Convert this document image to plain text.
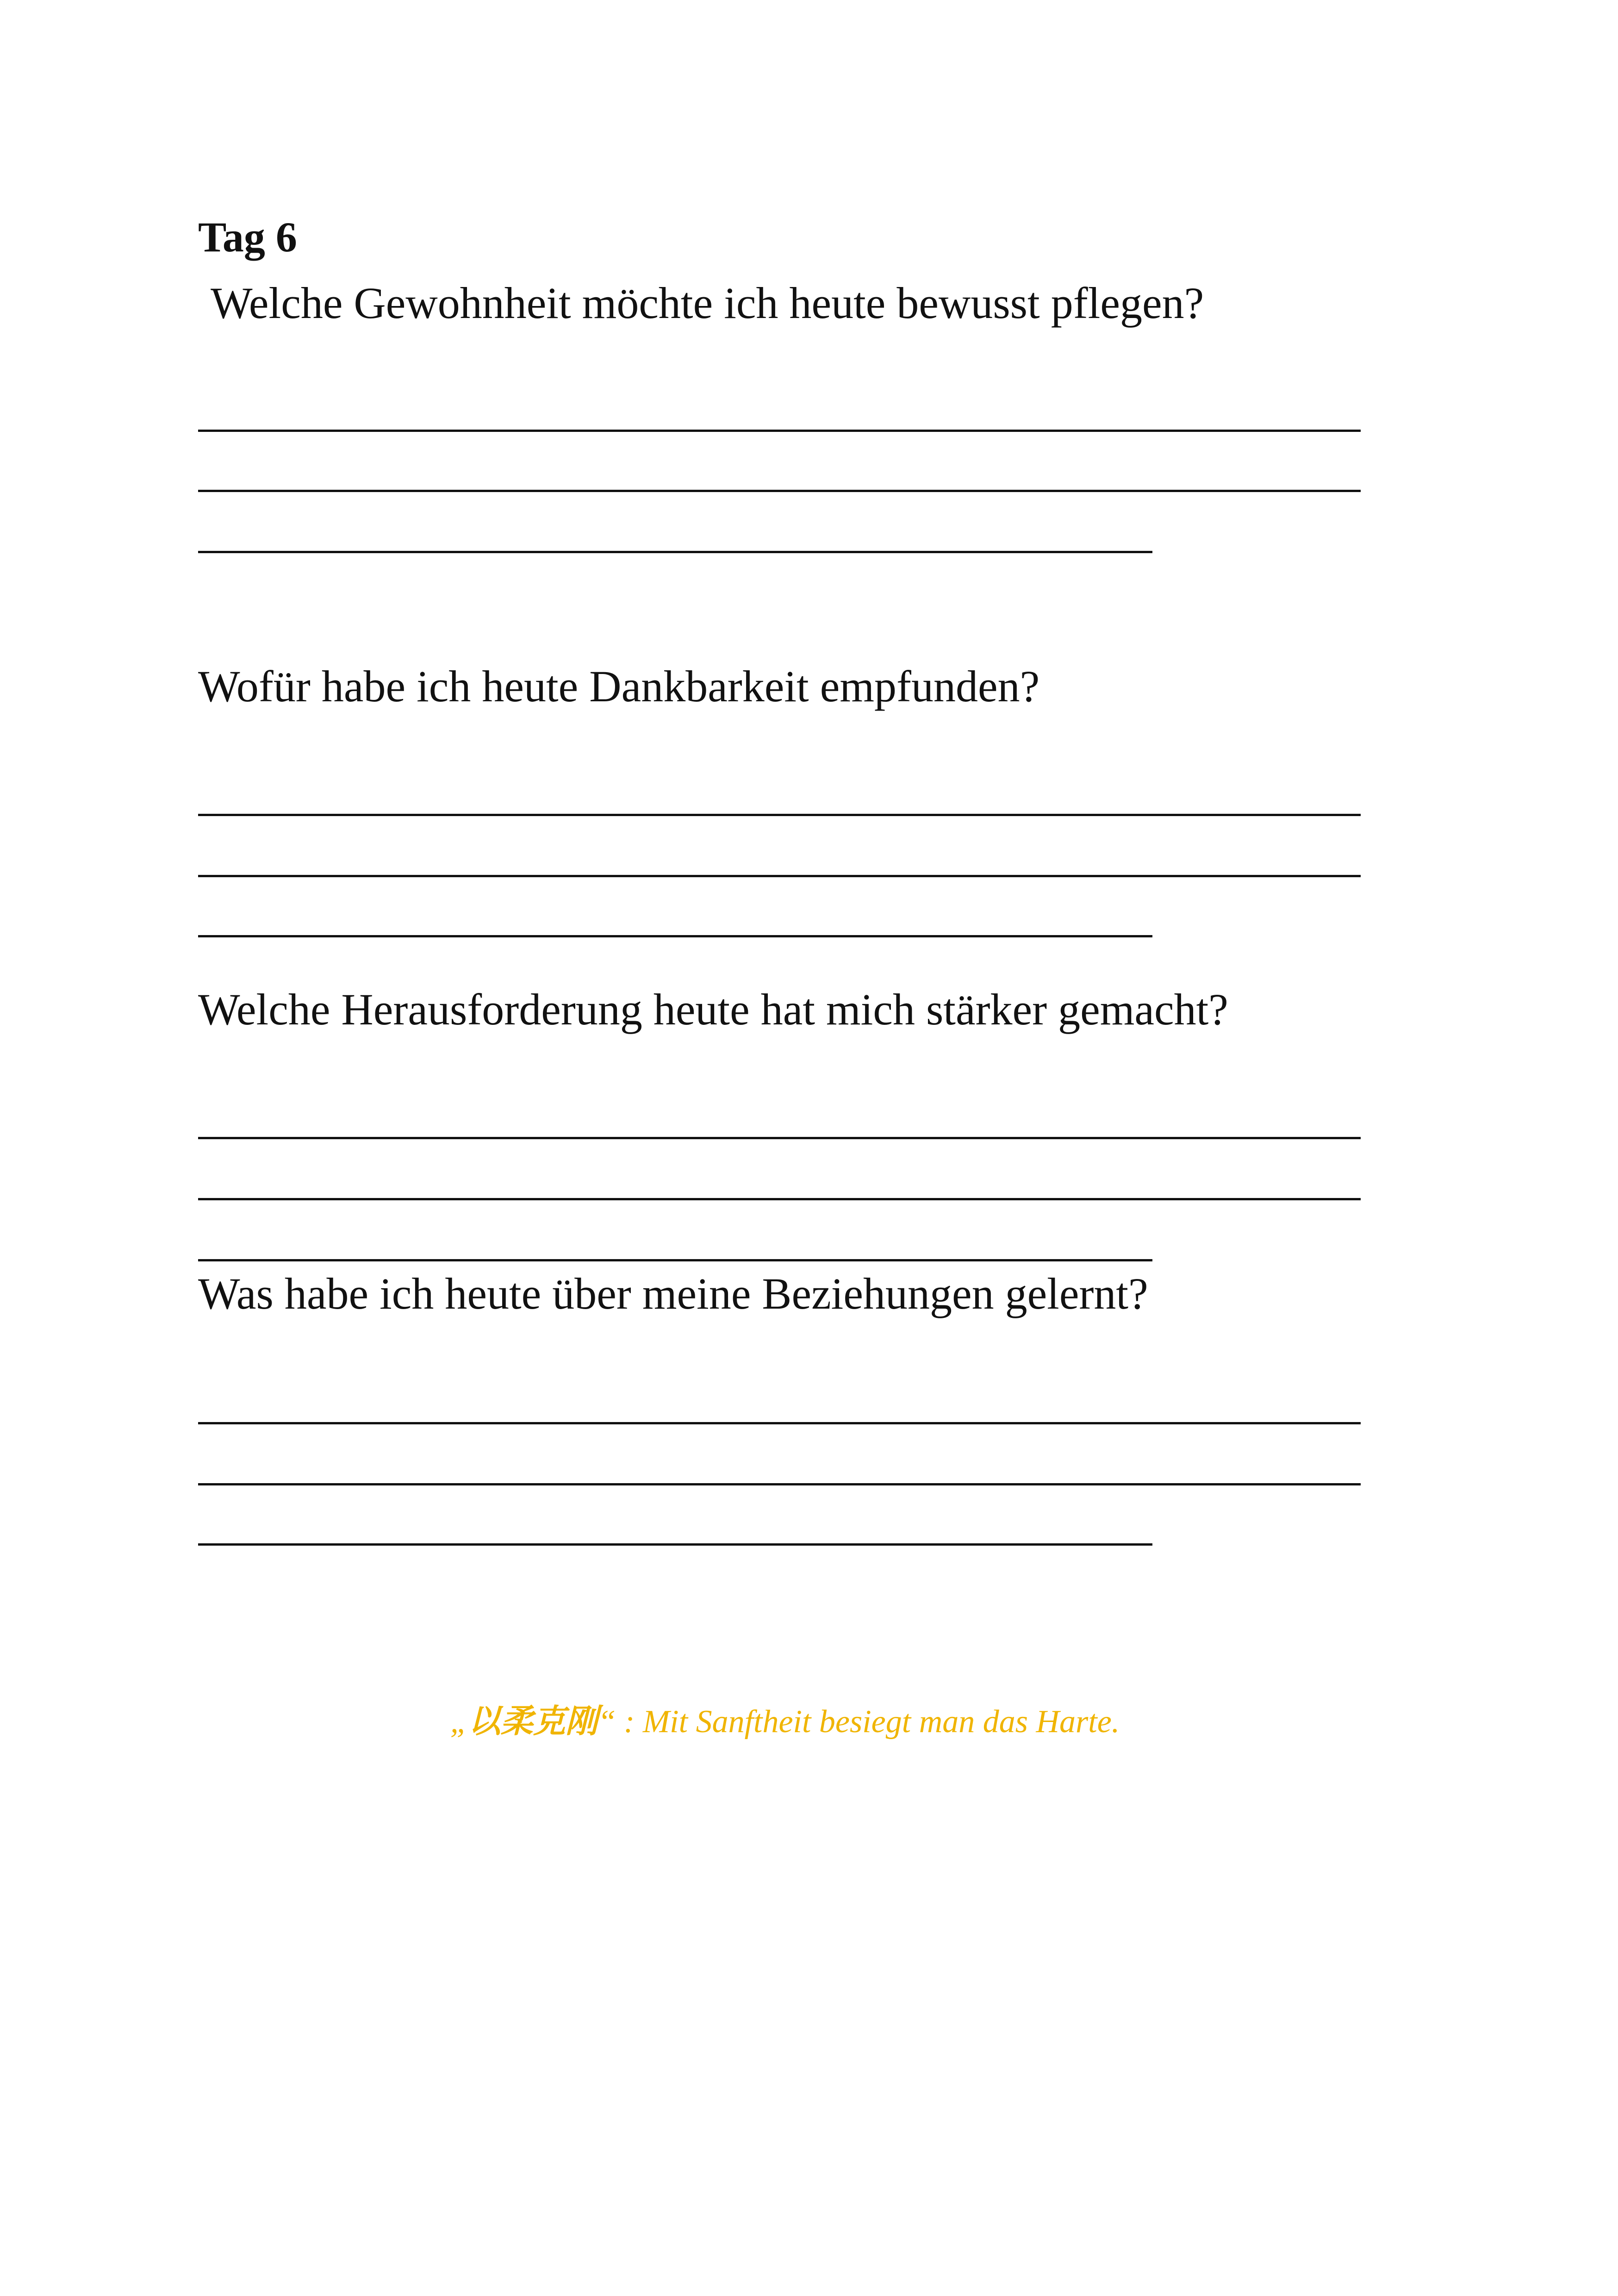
Tag 6
Welche Gewohnheit möchte ich heute bewusst pflegen?
Wofür habe ich heute Dankbarkeit empfunden?
Welche Herausforderung heute hat mich stärker gemacht?
Was habe ich heute über meine Beziehungen gelernt?
„以柔克刚“ : Mit Sanftheit besiegt man das Harte.
